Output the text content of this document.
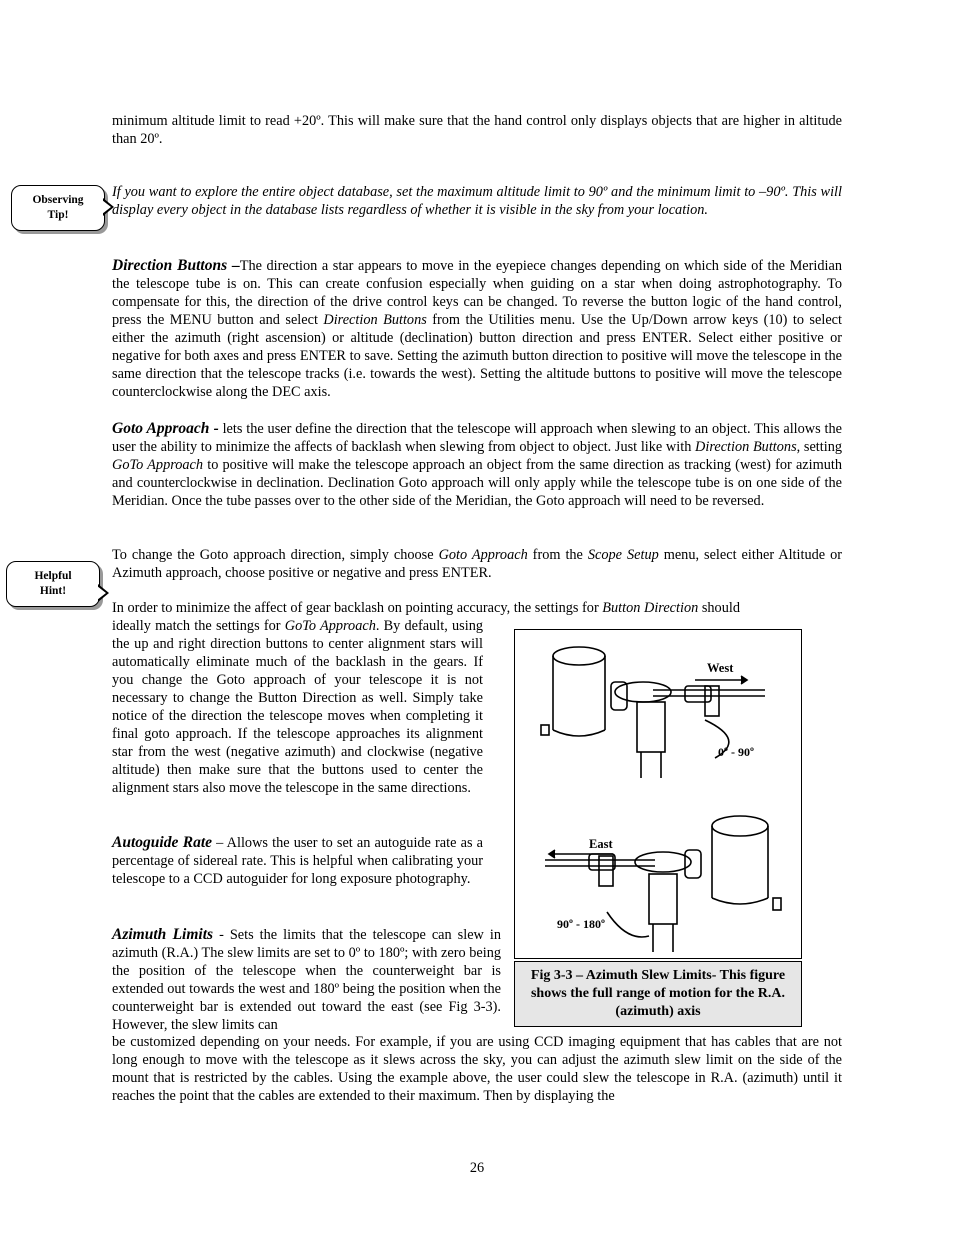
minimum altitude limit to read +20º. This will make sure that the hand control only displays objects that are higher in altitude than 20º.

Observing
Tip!

If you want to explore the entire object database, set the maximum altitude limit to 90º and the minimum limit to –90º. This will display every object in the database lists regardless of whether it is visible in the sky from your location.

Direction Buttons –The direction a star appears to move in the eyepiece changes depending on which side of the Meridian the telescope tube is on. This can create confusion especially when guiding on a star when doing astrophotography. To compensate for this, the direction of the drive control keys can be changed. To reverse the button logic of the hand control, press the MENU button and select Direction Buttons from the Utilities menu. Use the Up/Down arrow keys (10) to select either the azimuth (right ascension) or altitude (declination) button direction and press ENTER. Select either positive or negative for both axes and press ENTER to save. Setting the azimuth button direction to positive will move the telescope in the same direction that the telescope tracks (i.e. towards the west). Setting the altitude buttons to positive will move the telescope counterclockwise along the DEC axis.

Goto Approach - lets the user define the direction that the telescope will approach when slewing to an object. This allows the user the ability to minimize the affects of backlash when slewing from object to object. Just like with Direction Buttons, setting GoTo Approach to positive will make the telescope approach an object from the same direction as tracking (west) for azimuth and counterclockwise in declination. Declination Goto approach will only apply while the telescope tube is on one side of the Meridian. Once the tube passes over to the other side of the Meridian, the Goto approach will need to be reversed.

Helpful
Hint!

To change the Goto approach direction, simply choose Goto Approach from the Scope Setup menu, select either Altitude or Azimuth approach, choose positive or negative and press ENTER.

In order to minimize the affect of gear backlash on pointing accuracy, the settings for Button Direction should

ideally match the settings for GoTo Approach. By default, using the up and right direction buttons to center alignment stars will automatically eliminate much of the backlash in the gears. If you change the Goto approach of your telescope it is not necessary to change the Button Direction as well. Simply take notice of the direction the telescope moves when completing it final goto approach. If the telescope approaches its alignment star from the west (negative azimuth) and clockwise (negative altitude) then make sure that the buttons used to center the alignment stars also move the telescope in the same directions.

Autoguide Rate – Allows the user to set an autoguide rate as a percentage of sidereal rate. This is helpful when calibrating your telescope to a CCD autoguider for long exposure photography.

Azimuth Limits - Sets the limits that the telescope can slew in azimuth (R.A.) The slew limits are set to 0º to 180º; with zero being the position of the telescope when the counterweight bar is extended out towards the west and 180º being the position when the counterweight bar is extended out toward the east (see Fig 3-3). However, the slew limits can

be customized depending on your needs. For example, if you are using CCD imaging equipment that has cables that are not long enough to move with the telescope as it slews across the sky, you can adjust the azimuth slew limit on the side of the mount that is restricted by the cables. Using the example above, the user could slew the telescope in R.A. (azimuth) until it reaches the point that the cables are extended to their maximum. Then by displaying the

West
0º - 90º
East
90º - 180º
Fig 3-3 – Azimuth Slew Limits- This figure shows the full range of motion for the R.A. (azimuth) axis
26
